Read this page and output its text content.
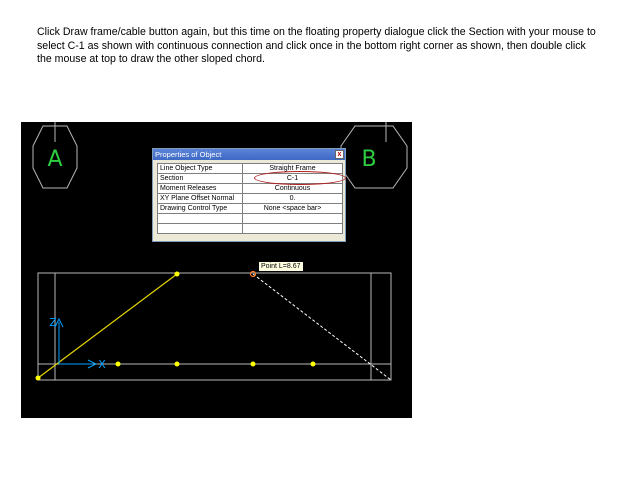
Click Draw frame/cable button again, but this time on the floating property dialogue click the Section with your mouse to
select C-1 as shown with continuous connection and click once in the bottom right corner as shown, then double click
the mouse at top to draw the other sloped chord.
A	B
Z
X
Properties of Object	x
Line Object Type	Straight Frame
Section	C-1
Moment Releases	Continuous
XY Plane Offset Normal	0.
Drawing Control Type	None <space bar>

Point L=8.67
